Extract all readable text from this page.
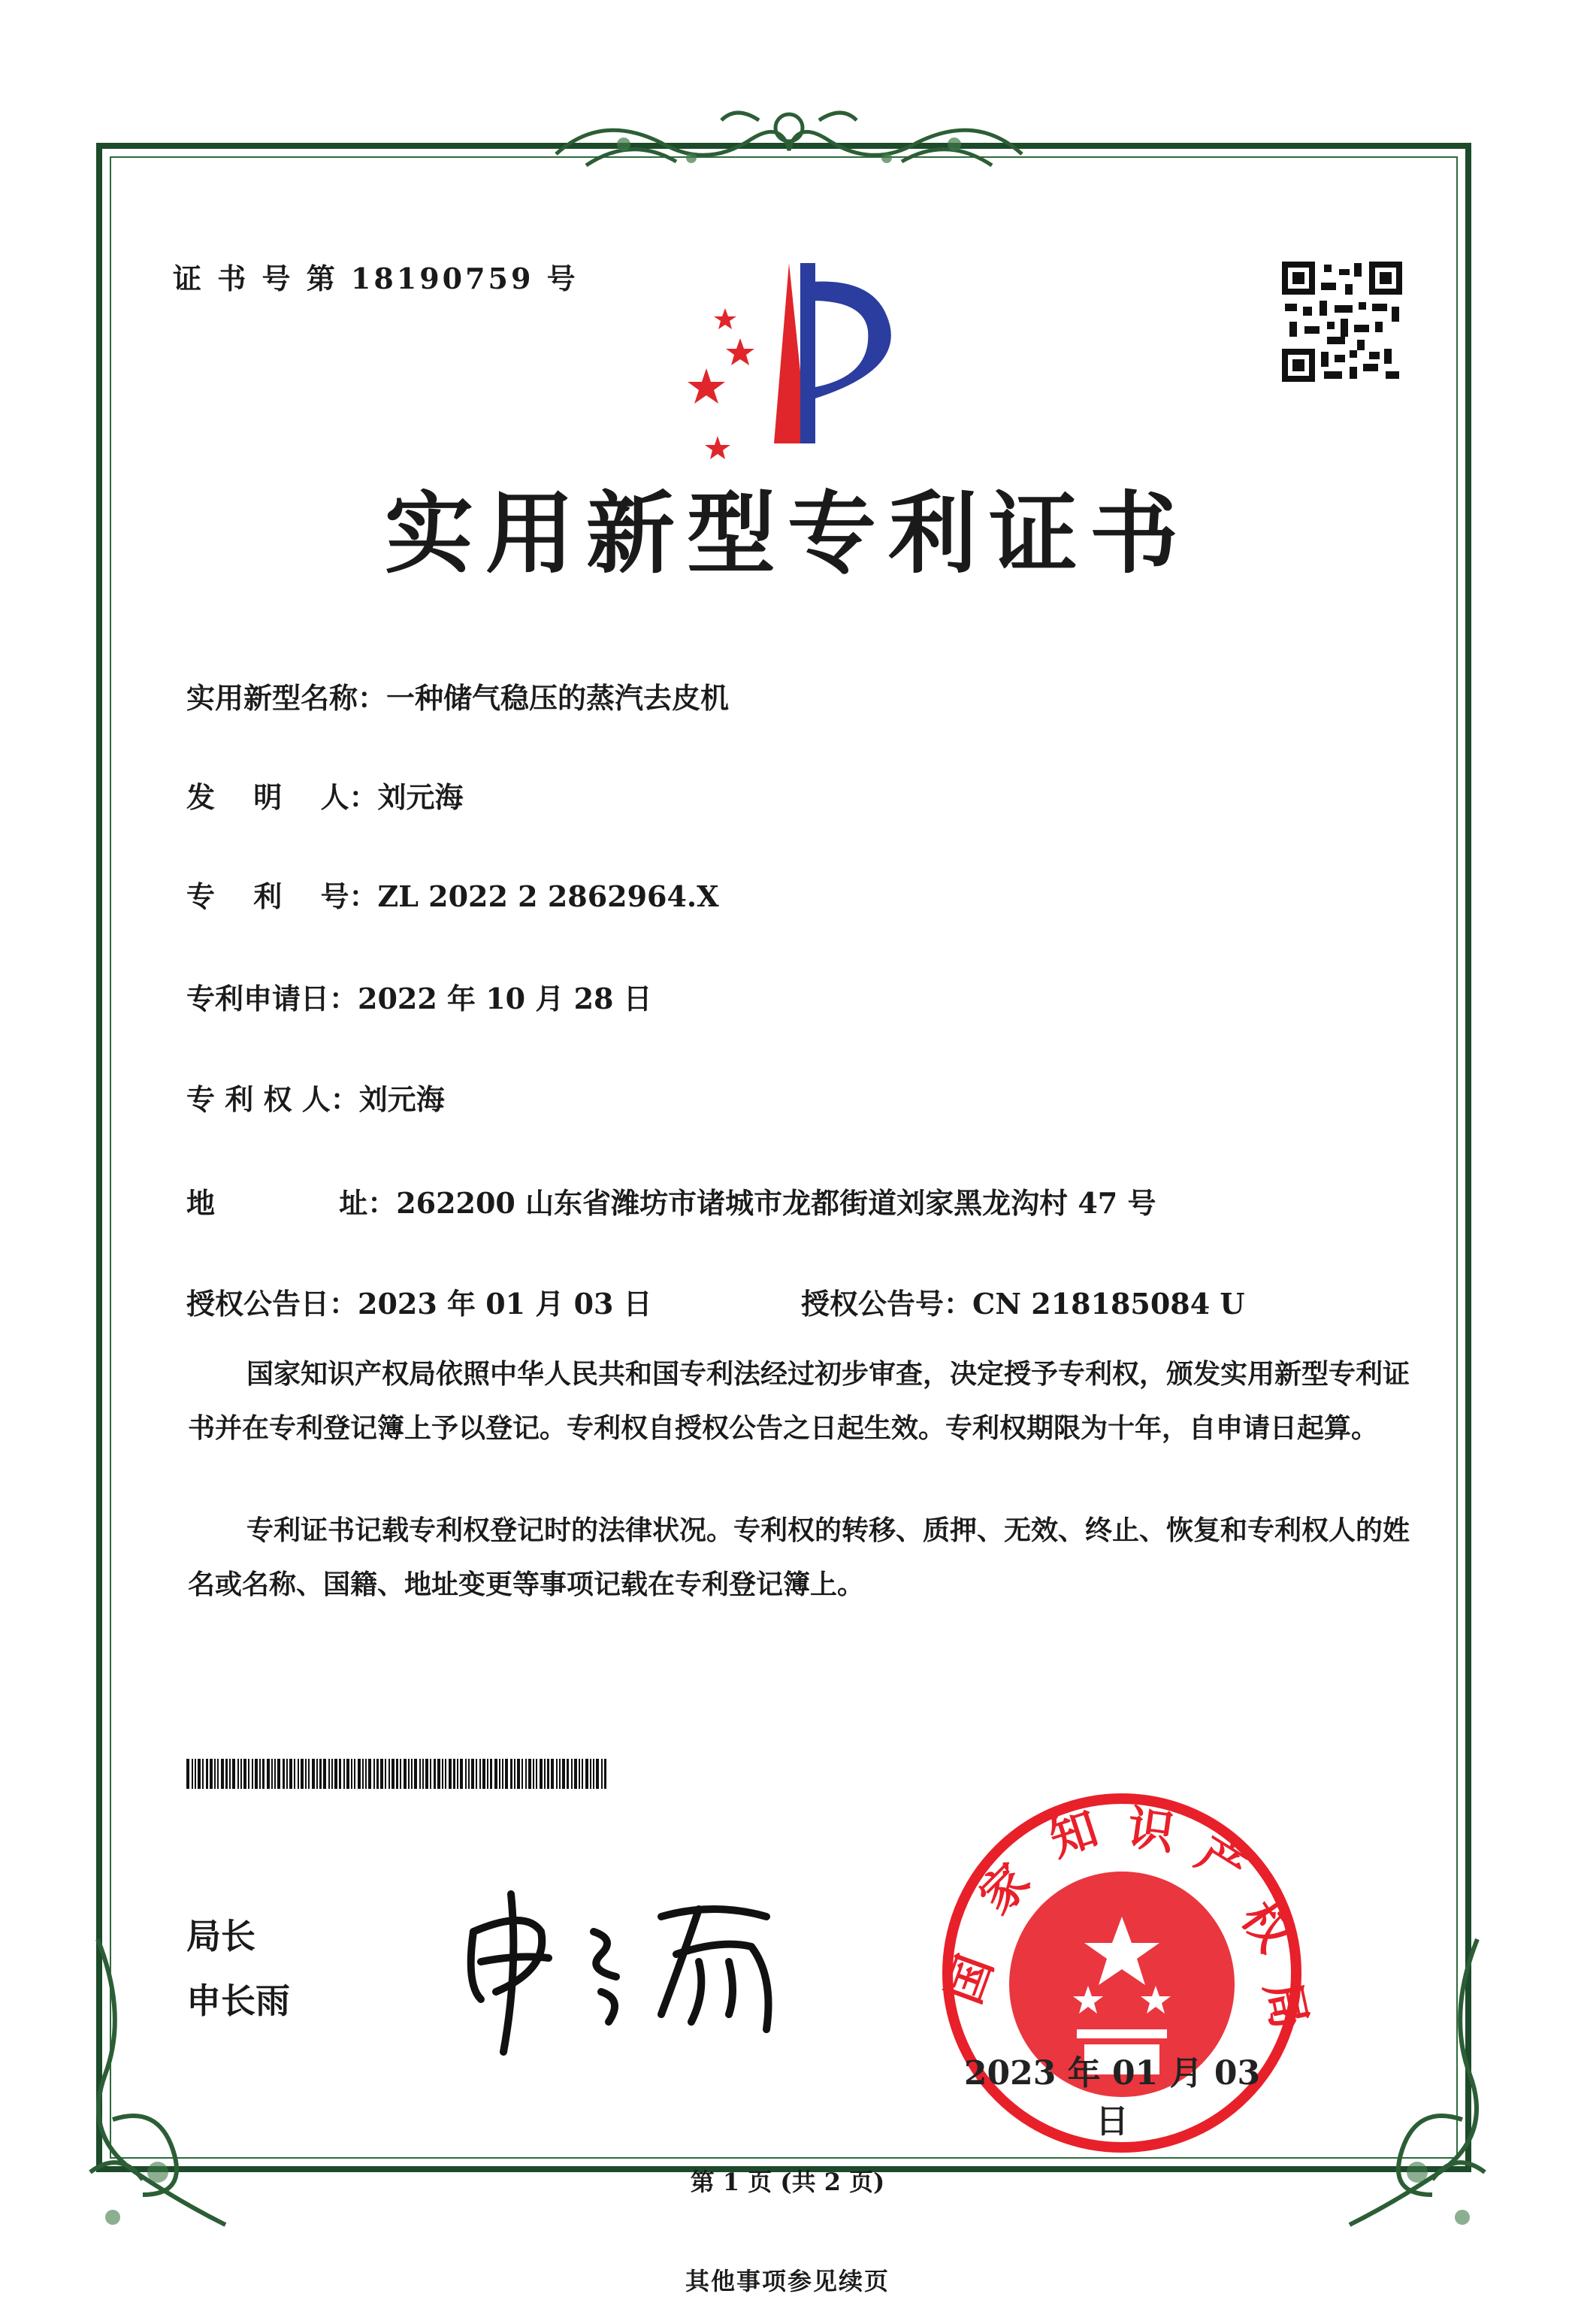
证 书 号 第 18190759 号
实用新型专利证书
实用新型名称：一种储气稳压的蒸汽去皮机
发　 明　 人：刘元海
专　 利　 号：ZL 2022 2 2862964.X
专利申请日：2022 年 10 月 28 日
专 利 权 人：刘元海
地　　　　 址：262200 山东省潍坊市诸城市龙都街道刘家黑龙沟村 47 号
授权公告日：2023 年 01 月 03 日	授权公告号：CN 218185084 U
国家知识产权局依照中华人民共和国专利法经过初步审查，决定授予专利权，颁发实用新型专利证书并在专利登记簿上予以登记。专利权自授权公告之日起生效。专利权期限为十年，自申请日起算。
专利证书记载专利权登记时的法律状况。专利权的转移、质押、无效、终止、恢复和专利权人的姓名或名称、国籍、地址变更等事项记载在专利登记簿上。
局长
申长雨	国
家
知 识 产
权
局
2023 年 01 月 03 日
第 1 页 (共 2 页)
其他事项参见续页
